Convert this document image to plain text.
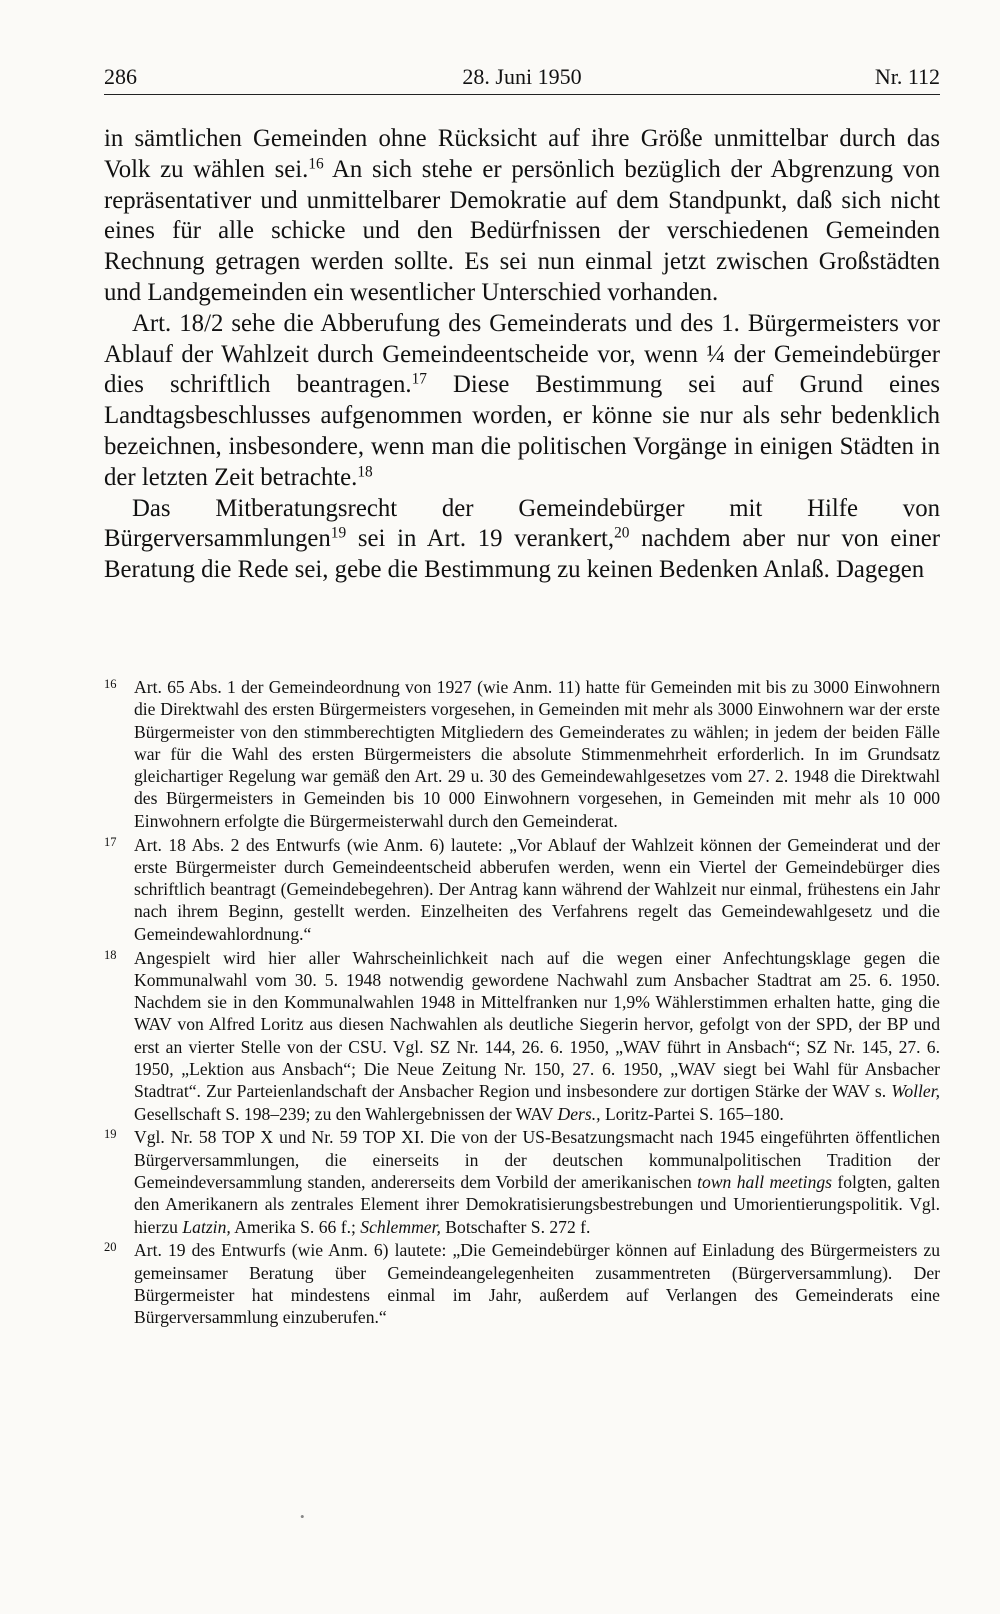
286	28. Juni 1950	Nr. 112

in sämtlichen Gemeinden ohne Rücksicht auf ihre Größe unmittelbar durch das Volk zu wählen sei.$^{16}$ An sich stehe er persönlich bezüglich der Abgrenzung von repräsentativer und unmittelbarer Demokratie auf dem Standpunkt, daß sich nicht eines für alle schicke und den Bedürfnissen der verschiedenen Gemeinden Rechnung getragen werden sollte. Es sei nun einmal jetzt zwischen Großstädten und Landgemeinden ein wesentlicher Unterschied vorhanden.

Art. 18/2 sehe die Abberufung des Gemeinderats und des 1. Bürgermeisters vor Ablauf der Wahlzeit durch Gemeindeentscheide vor, wenn ¼ der Gemeindebürger dies schriftlich beantragen.$^{17}$ Diese Bestimmung sei auf Grund eines Landtagsbeschlusses aufgenommen worden, er könne sie nur als sehr bedenklich bezeichnen, insbesondere, wenn man die politischen Vorgänge in einigen Städten in der letzten Zeit betrachte.$^{18}$

Das Mitberatungsrecht der Gemeindebürger mit Hilfe von Bürgerversammlungen$^{19}$ sei in Art. 19 verankert,$^{20}$ nachdem aber nur von einer Beratung die Rede sei, gebe die Bestimmung zu keinen Bedenken Anlaß. Dagegen

16 Art. 65 Abs. 1 der Gemeindeordnung von 1927 (wie Anm. 11) hatte für Gemeinden mit bis zu 3000 Einwohnern die Direktwahl des ersten Bürgermeisters vorgesehen, in Gemeinden mit mehr als 3000 Einwohnern war der erste Bürgermeister von den stimmberechtigten Mitgliedern des Gemeinderates zu wählen; in jedem der beiden Fälle war für die Wahl des ersten Bürgermeisters die absolute Stimmenmehrheit erforderlich. In im Grundsatz gleichartiger Regelung war gemäß den Art. 29 u. 30 des Gemeindewahlgesetzes vom 27. 2. 1948 die Direktwahl des Bürgermeisters in Gemeinden bis 10 000 Einwohnern vorgesehen, in Gemeinden mit mehr als 10 000 Einwohnern erfolgte die Bürgermeisterwahl durch den Gemeinderat.
17 Art. 18 Abs. 2 des Entwurfs (wie Anm. 6) lautete: „Vor Ablauf der Wahlzeit können der Gemeinderat und der erste Bürgermeister durch Gemeindeentscheid abberufen werden, wenn ein Viertel der Gemeindebürger dies schriftlich beantragt (Gemeindebegehren). Der Antrag kann während der Wahlzeit nur einmal, frühestens ein Jahr nach ihrem Beginn, gestellt werden. Einzelheiten des Verfahrens regelt das Gemeindewahlgesetz und die Gemeindewahlordnung.“
18 Angespielt wird hier aller Wahrscheinlichkeit nach auf die wegen einer Anfechtungsklage gegen die Kommunalwahl vom 30. 5. 1948 notwendig gewordene Nachwahl zum Ansbacher Stadtrat am 25. 6. 1950. Nachdem sie in den Kommunalwahlen 1948 in Mittelfranken nur 1,9% Wählerstimmen erhalten hatte, ging die WAV von Alfred Loritz aus diesen Nachwahlen als deutliche Siegerin hervor, gefolgt von der SPD, der BP und erst an vierter Stelle von der CSU. Vgl. SZ Nr. 144, 26. 6. 1950, „WAV führt in Ansbach“; SZ Nr. 145, 27. 6. 1950, „Lektion aus Ansbach“; Die Neue Zeitung Nr. 150, 27. 6. 1950, „WAV siegt bei Wahl für Ansbacher Stadtrat“. Zur Parteienlandschaft der Ansbacher Region und insbesondere zur dortigen Stärke der WAV s. Woller, Gesellschaft S. 198–239; zu den Wahlergebnissen der WAV Ders., Loritz-Partei S. 165–180.
19 Vgl. Nr. 58 TOP X und Nr. 59 TOP XI. Die von der US-Besatzungsmacht nach 1945 eingeführten öffentlichen Bürgerversammlungen, die einerseits in der deutschen kommunalpolitischen Tradition der Gemeindeversammlung standen, andererseits dem Vorbild der amerikanischen town hall meetings folgten, galten den Amerikanern als zentrales Element ihrer Demokratisierungsbestrebungen und Umorientierungspolitik. Vgl. hierzu Latzin, Amerika S. 66 f.; Schlemmer, Botschafter S. 272 f.
20 Art. 19 des Entwurfs (wie Anm. 6) lautete: „Die Gemeindebürger können auf Einladung des Bürgermeisters zu gemeinsamer Beratung über Gemeindeangelegenheiten zusammentreten (Bürgerversammlung). Der Bürgermeister hat mindestens einmal im Jahr, außerdem auf Verlangen des Gemeinderats eine Bürgerversammlung einzuberufen.“
•
